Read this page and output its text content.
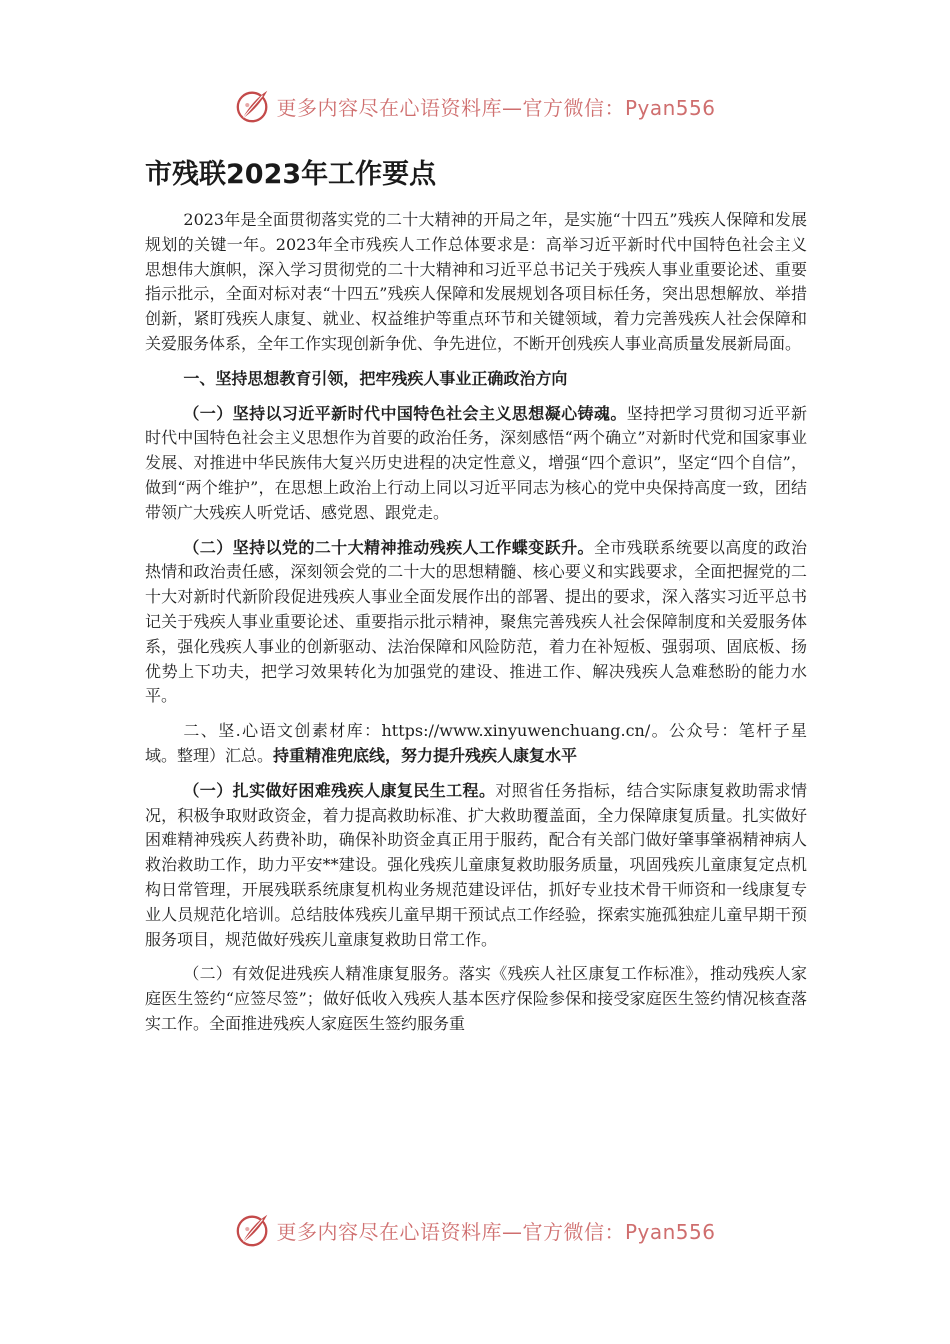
更多内容尽在心语资料库—官方微信：Pyan556
市残联2023年工作要点

2023年是全面贯彻落实党的二十大精神的开局之年，是实施“十四五”残疾人保障和发展规划的关键一年。2023年全市残疾人工作总体要求是：高举习近平新时代中国特色社会主义思想伟大旗帜，深入学习贯彻党的二十大精神和习近平总书记关于残疾人事业重要论述、重要指示批示，全面对标对表“十四五”残疾人保障和发展规划各项目标任务，突出思想解放、举措创新，紧盯残疾人康复、就业、权益维护等重点环节和关键领域，着力完善残疾人社会保障和关爱服务体系，全年工作实现创新争优、争先进位，不断开创残疾人事业高质量发展新局面。

一、坚持思想教育引领，把牢残疾人事业正确政治方向

（一）坚持以习近平新时代中国特色社会主义思想凝心铸魂。坚持把学习贯彻习近平新时代中国特色社会主义思想作为首要的政治任务，深刻感悟“两个确立”对新时代党和国家事业发展、对推进中华民族伟大复兴历史进程的决定性意义，增强“四个意识”，坚定“四个自信”，做到“两个维护”，在思想上政治上行动上同以习近平同志为核心的党中央保持高度一致，团结带领广大残疾人听党话、感党恩、跟党走。

（二）坚持以党的二十大精神推动残疾人工作蝶变跃升。全市残联系统要以高度的政治热情和政治责任感，深刻领会党的二十大的思想精髓、核心要义和实践要求，全面把握党的二十大对新时代新阶段促进残疾人事业全面发展作出的部署、提出的要求，深入落实习近平总书记关于残疾人事业重要论述、重要指示批示精神，聚焦完善残疾人社会保障制度和关爱服务体系，强化残疾人事业的创新驱动、法治保障和风险防范，着力在补短板、强弱项、固底板、扬优势上下功夫，把学习效果转化为加强党的建设、推进工作、解决残疾人急难愁盼的能力水平。

二、坚.心语文创素材库：https://www.xinyuwenchuang.cn/。公众号：笔杆子星域。整理）汇总。持重精准兜底线，努力提升残疾人康复水平

（一）扎实做好困难残疾人康复民生工程。对照省任务指标，结合实际康复救助需求情况，积极争取财政资金，着力提高救助标准、扩大救助覆盖面，全力保障康复质量。扎实做好困难精神残疾人药费补助，确保补助资金真正用于服药，配合有关部门做好肇事肇祸精神病人救治救助工作，助力平安**建设。强化残疾儿童康复救助服务质量，巩固残疾儿童康复定点机构日常管理，开展残联系统康复机构业务规范建设评估，抓好专业技术骨干师资和一线康复专业人员规范化培训。总结肢体残疾儿童早期干预试点工作经验，探索实施孤独症儿童早期干预服务项目，规范做好残疾儿童康复救助日常工作。

（二）有效促进残疾人精准康复服务。落实《残疾人社区康复工作标准》，推动残疾人家庭医生签约“应签尽签”；做好低收入残疾人基本医疗保险参保和接受家庭医生签约情况核查落实工作。全面推进残疾人家庭医生签约服务重

更多内容尽在心语资料库—官方微信：Pyan556
